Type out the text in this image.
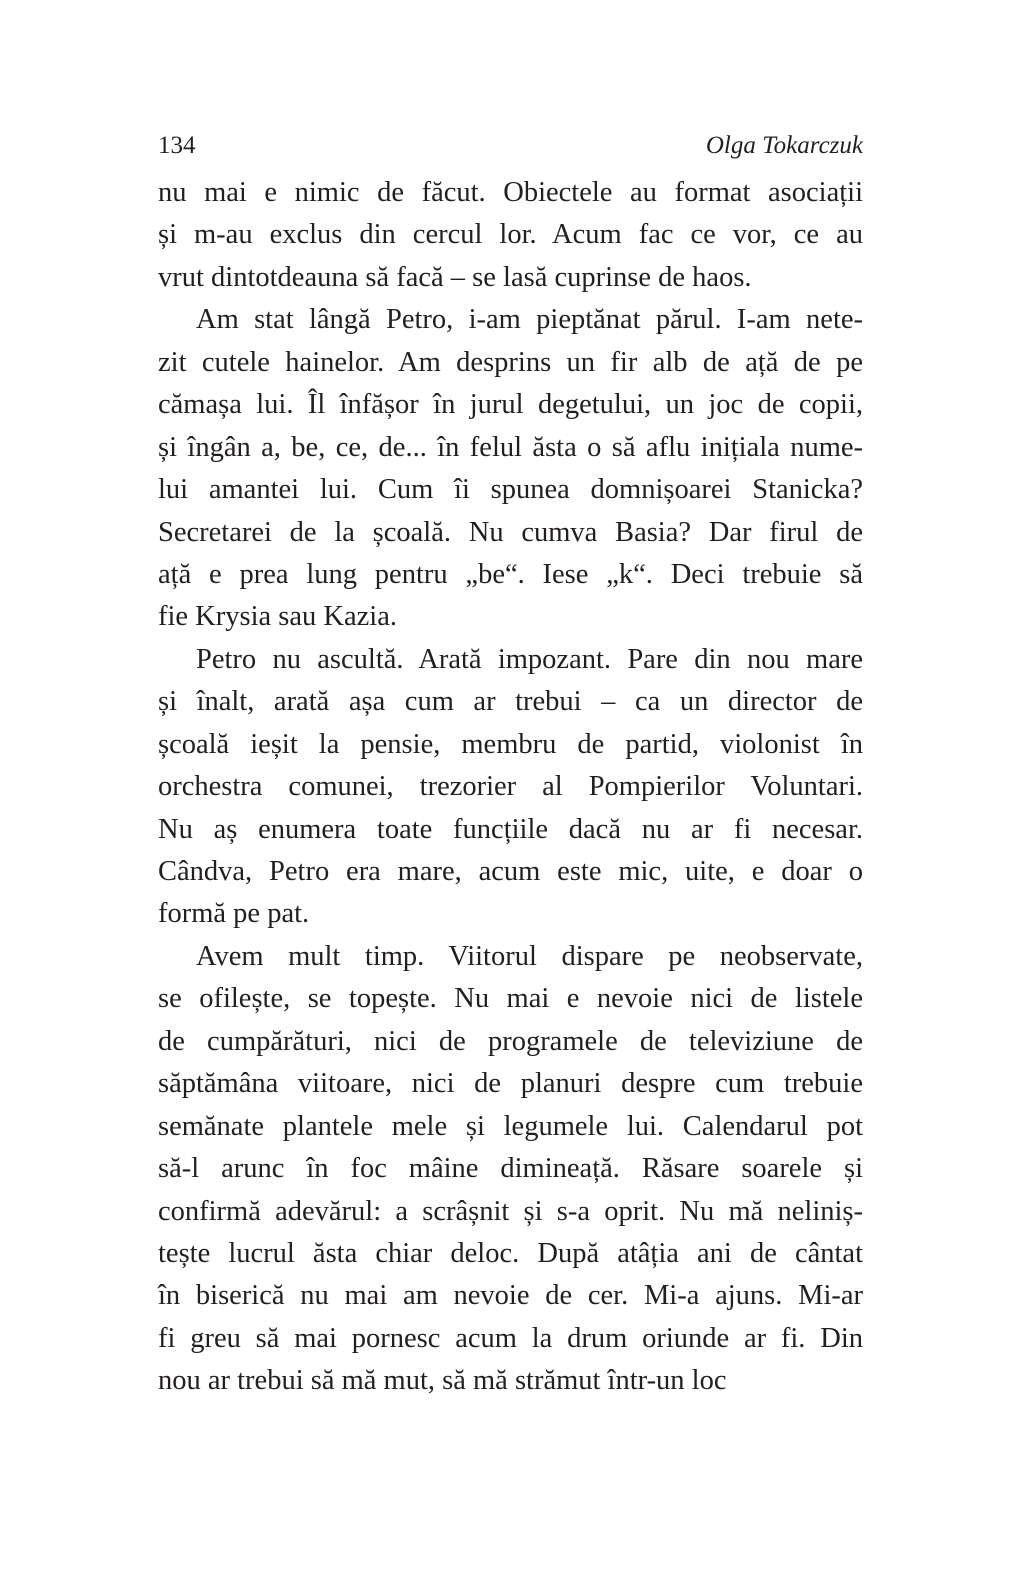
134	Olga Tokarczuk
nu mai e nimic de făcut. Obiectele au format asociații
și m-au exclus din cercul lor. Acum fac ce vor, ce au
vrut dintotdeauna să facă – se lasă cuprinse de haos.
Am stat lângă Petro, i-am pieptănat părul. I-am nete-
zit cutele hainelor. Am desprins un fir alb de ață de pe
cămașa lui. Îl înfășor în jurul degetului, un joc de copii,
și îngân a, be, ce, de... în felul ăsta o să aflu inițiala nume-
lui amantei lui. Cum îi spunea domnișoarei Stanicka?
Secretarei de la școală. Nu cumva Basia? Dar firul de
ață e prea lung pentru „be“. Iese „k“. Deci trebuie să
fie Krysia sau Kazia.
Petro nu ascultă. Arată impozant. Pare din nou mare
și înalt, arată așa cum ar trebui – ca un director de
școală ieșit la pensie, membru de partid, violonist în
orchestra comunei, trezorier al Pompierilor Voluntari.
Nu aș enumera toate funcțiile dacă nu ar fi necesar.
Cândva, Petro era mare, acum este mic, uite, e doar o
formă pe pat.
Avem mult timp. Viitorul dispare pe neobservate,
se ofilește, se topește. Nu mai e nevoie nici de listele
de cumpărături, nici de programele de televiziune de
săptămâna viitoare, nici de planuri despre cum trebuie
semănate plantele mele și legumele lui. Calendarul pot
să-l arunc în foc mâine dimineață. Răsare soarele și
confirmă adevărul: a scrâșnit și s-a oprit. Nu mă neliniș-
tește lucrul ăsta chiar deloc. După atâția ani de cântat
în biserică nu mai am nevoie de cer. Mi-a ajuns. Mi-ar
fi greu să mai pornesc acum la drum oriunde ar fi. Din
nou ar trebui să mă mut, să mă strămut într-un loc
